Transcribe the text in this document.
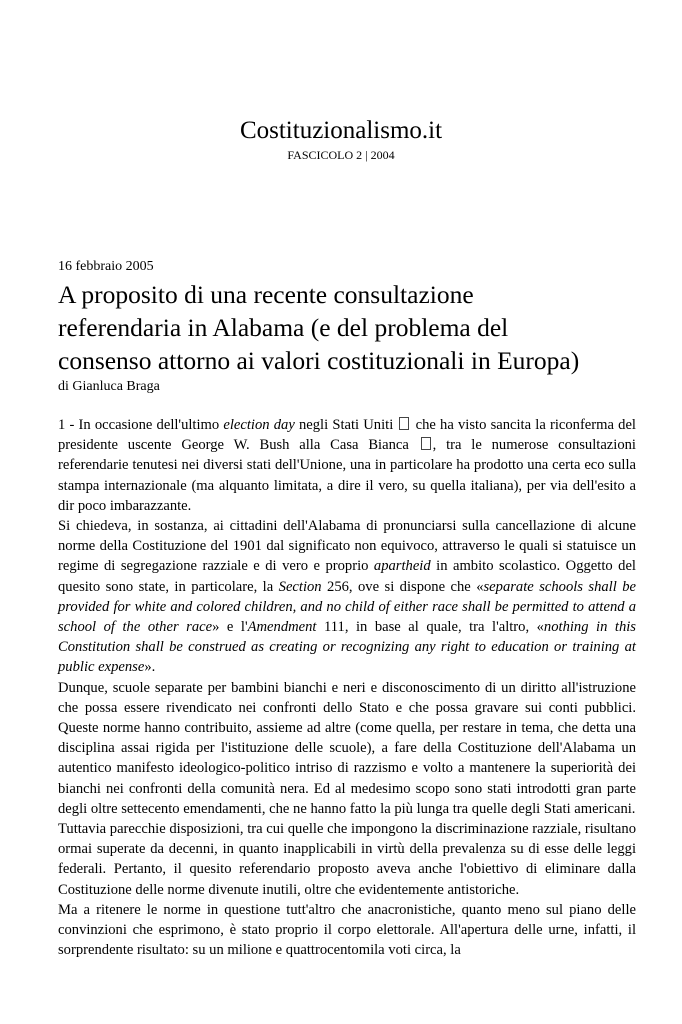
Costituzionalismo.it
FASCICOLO 2 | 2004
16 febbraio 2005
A proposito di una recente consultazione
referendaria in Alabama (e del problema del
consenso attorno ai valori costituzionali in Europa)
di Gianluca Braga

1 - In occasione dell'ultimo election day negli Stati Uniti  che ha visto sancita la riconferma del presidente uscente George W. Bush alla Casa Bianca , tra le numerose consultazioni referendarie tenutesi nei diversi stati dell'Unione, una in particolare ha prodotto una certa eco sulla stampa internazionale (ma alquanto limitata, a dire il vero, su quella italiana), per via dell'esito a dir poco imbarazzante.

Si chiedeva, in sostanza, ai cittadini dell'Alabama di pronunciarsi sulla cancellazione di alcune norme della Costituzione del 1901 dal significato non equivoco, attraverso le quali si statuisce un regime di segregazione razziale e di vero e proprio apartheid in ambito scolastico. Oggetto del quesito sono state, in particolare, la Section 256, ove si dispone che «separate schools shall be provided for white and colored children, and no child of either race shall be permitted to attend a school of the other race» e l'Amendment 111, in base al quale, tra l'altro, «nothing in this Constitution shall be construed as creating or recognizing any right to education or training at public expense».

Dunque, scuole separate per bambini bianchi e neri e disconoscimento di un diritto all'istruzione che possa essere rivendicato nei confronti dello Stato e che possa gravare sui conti pubblici. Queste norme hanno contribuito, assieme ad altre (come quella, per restare in tema, che detta una disciplina assai rigida per l'istituzione delle scuole), a fare della Costituzione dell'Alabama un autentico manifesto ideologico-politico intriso di razzismo e volto a mantenere la superiorità dei bianchi nei confronti della comunità nera. Ed al medesimo scopo sono stati introdotti gran parte degli oltre settecento emendamenti, che ne hanno fatto la più lunga tra quelle degli Stati americani.

Tuttavia parecchie disposizioni, tra cui quelle che impongono la discriminazione razziale, risultano ormai superate da decenni, in quanto inapplicabili in virtù della prevalenza su di esse delle leggi federali. Pertanto, il quesito referendario proposto aveva anche l'obiettivo di eliminare dalla Costituzione delle norme divenute inutili, oltre che evidentemente antistoriche.

Ma a ritenere le norme in questione tutt'altro che anacronistiche, quanto meno sul piano delle convinzioni che esprimono, è stato proprio il corpo elettorale. All'apertura delle urne, infatti, il sorprendente risultato: su un milione e quattrocentomila voti circa, la
